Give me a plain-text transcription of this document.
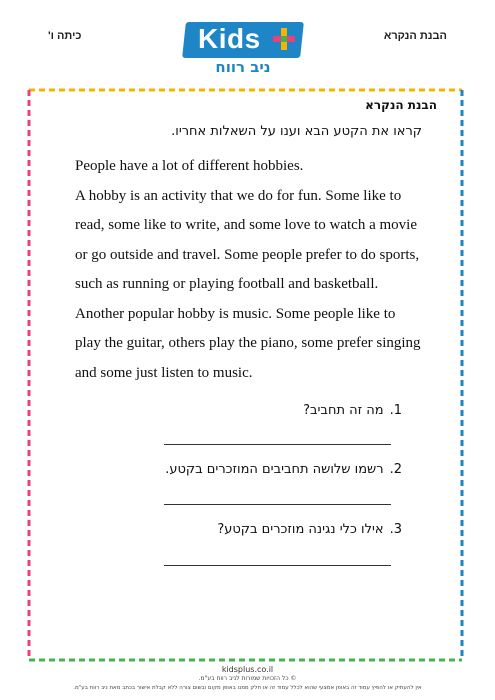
כיתה ו'	הבנת הנקרא
Kids
ניב רווח
הבנת הנקרא
קראו את הקטע הבא וענו על השאלות אחריו.

People have a lot of different hobbies.

A hobby is an activity that we do for fun. Some like to

read, some like to write, and some love to watch a movie

or go outside and travel. Some people prefer to do sports,

such as running or playing football and basketball.

Another popular hobby is music. Some people like to

play the guitar, others play the piano, some prefer singing

and some just listen to music.

1.מה זה תחביב?
2.רשמו שלושה תחביבים המוזכרים בקטע.
3.אילו כלי נגינה מוזכרים בקטע?
kidsplus.co.il
© כל הזכויות שמורות לניב רווח בע"מ.
אין להעתיק או להפיץ עמוד זה באופן אמצעי שהוא לכלל עמוד זה או חלק ממנו באופן מקום ובשום צורה ללא קבלת אישור בכתב מאת ניב רווח בע"מ.
